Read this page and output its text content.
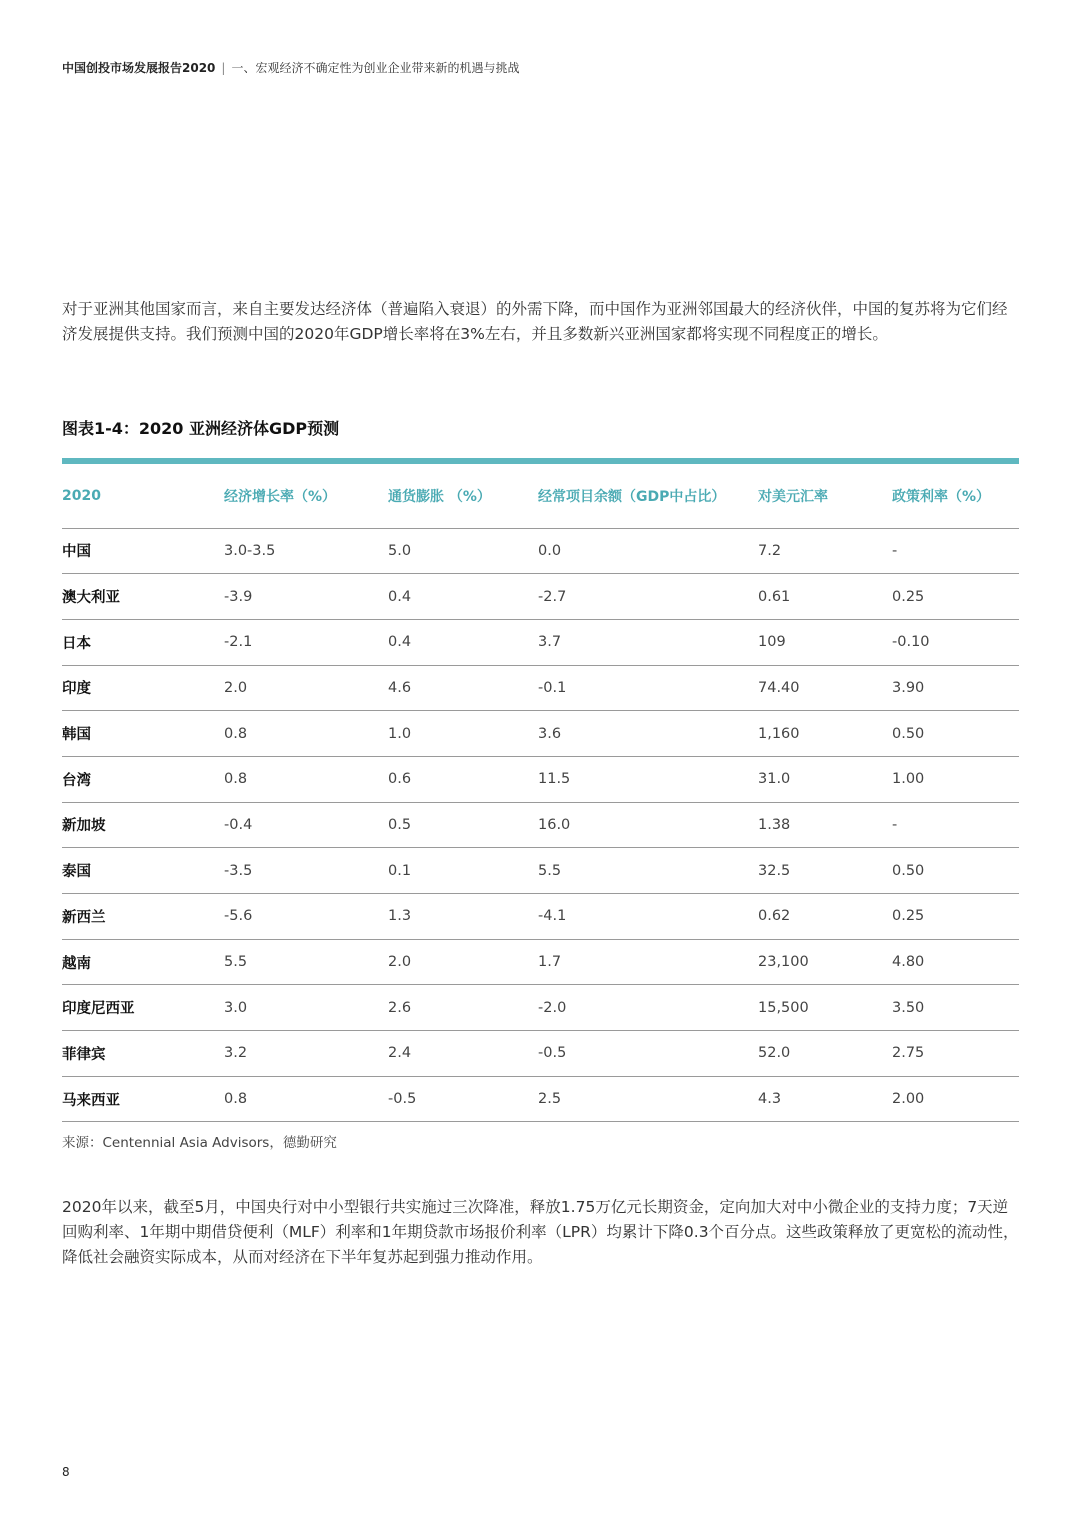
中国创投市场发展报告2020 | 一、宏观经济不确定性为创业企业带来新的机遇与挑战

对于亚洲其他国家而言，来自主要发达经济体（普遍陷入衰退）的外需下降，而中国作为亚洲邻国最大的经济伙伴，中国的复苏将为它们经济发展提供支持。我们预测中国的2020年GDP增长率将在3%左右，并且多数新兴亚洲国家都将实现不同程度正的增长。

图表1-4：2020 亚洲经济体GDP预测
2020	经济增长率（%）	通货膨胀 （%）	经常项目余额（GDP中占比）	对美元汇率	政策利率（%）
中国	3.0-3.5	5.0	0.0	7.2	-
澳大利亚	-3.9	0.4	-2.7	0.61	0.25
日本	-2.1	0.4	3.7	109	-0.10
印度	2.0	4.6	-0.1	74.40	3.90
韩国	0.8	1.0	3.6	1,160	0.50
台湾	0.8	0.6	11.5	31.0	1.00
新加坡	-0.4	0.5	16.0	1.38	-
泰国	-3.5	0.1	5.5	32.5	0.50
新西兰	-5.6	1.3	-4.1	0.62	0.25
越南	5.5	2.0	1.7	23,100	4.80
印度尼西亚	3.0	2.6	-2.0	15,500	3.50
菲律宾	3.2	2.4	-0.5	52.0	2.75
马来西亚	0.8	-0.5	2.5	4.3	2.00
来源：Centennial Asia Advisors，德勤研究

2020年以来，截至5月，中国央行对中小型银行共实施过三次降准，释放1.75万亿元长期资金，定向加大对中小微企业的支持力度；7天逆回购利率、1年期中期借贷便利（MLF）利率和1年期贷款市场报价利率（LPR）均累计下降0.3个百分点。这些政策释放了更宽松的流动性，降低社会融资实际成本，从而对经济在下半年复苏起到强力推动作用。

8
